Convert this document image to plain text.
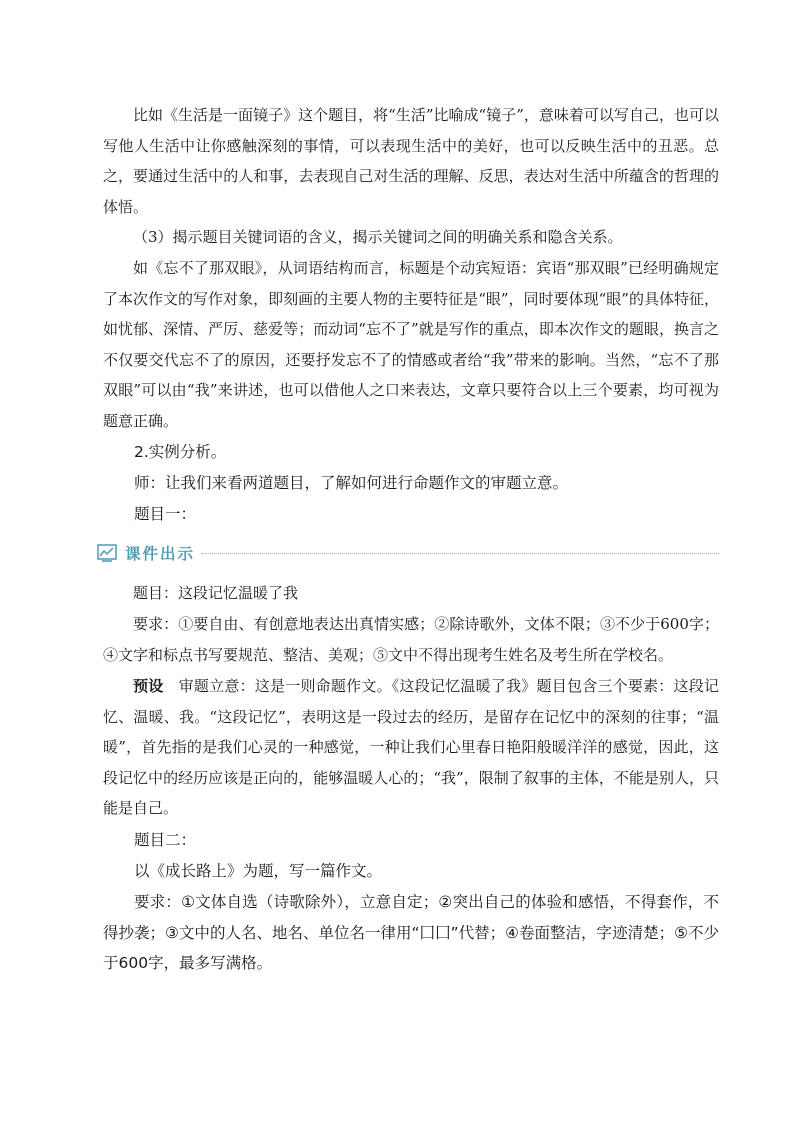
比如《生活是一面镜子》这个题目，将“生活”比喻成“镜子”，意味着可以写自己，也可以写他人生活中让你感触深刻的事情，可以表现生活中的美好，也可以反映生活中的丑恶。总之，要通过生活中的人和事，去表现自己对生活的理解、反思，表达对生活中所蕴含的哲理的体悟。

（3）揭示题目关键词语的含义，揭示关键词之间的明确关系和隐含关系。

如《忘不了那双眼》，从词语结构而言，标题是个动宾短语：宾语“那双眼”已经明确规定了本次作文的写作对象，即刻画的主要人物的主要特征是“眼”，同时要体现“眼”的具体特征，如忧郁、深情、严厉、慈爱等；而动词“忘不了”就是写作的重点，即本次作文的题眼，换言之不仅要交代忘不了的原因，还要抒发忘不了的情感或者给“我”带来的影响。当然，“忘不了那双眼”可以由“我”来讲述，也可以借他人之口来表达，文章只要符合以上三个要素，均可视为题意正确。

2.实例分析。

师：让我们来看两道题目，了解如何进行命题作文的审题立意。

题目一：

课件出示

题目：这段记忆温暖了我

要求：①要自由、有创意地表达出真情实感；②除诗歌外，文体不限；③不少于600字；④文字和标点书写要规范、整洁、美观；⑤文中不得出现考生姓名及考生所在学校名。

预设  审题立意：这是一则命题作文。《这段记忆温暖了我》题目包含三个要素：这段记忆、温暖、我。“这段记忆”，表明这是一段过去的经历，是留存在记忆中的深刻的往事；“温暖”，首先指的是我们心灵的一种感觉，一种让我们心里春日艳阳般暖洋洋的感觉，因此，这段记忆中的经历应该是正向的，能够温暖人心的；“我”，限制了叙事的主体，不能是别人，只能是自己。

题目二：

以《成长路上》为题，写一篇作文。

要求：①文体自选（诗歌除外），立意自定；②突出自己的体验和感悟，不得套作，不得抄袭；③文中的人名、地名、单位名一律用“囗囗”代替；④卷面整洁，字迹清楚；⑤不少于600字，最多写满格。
